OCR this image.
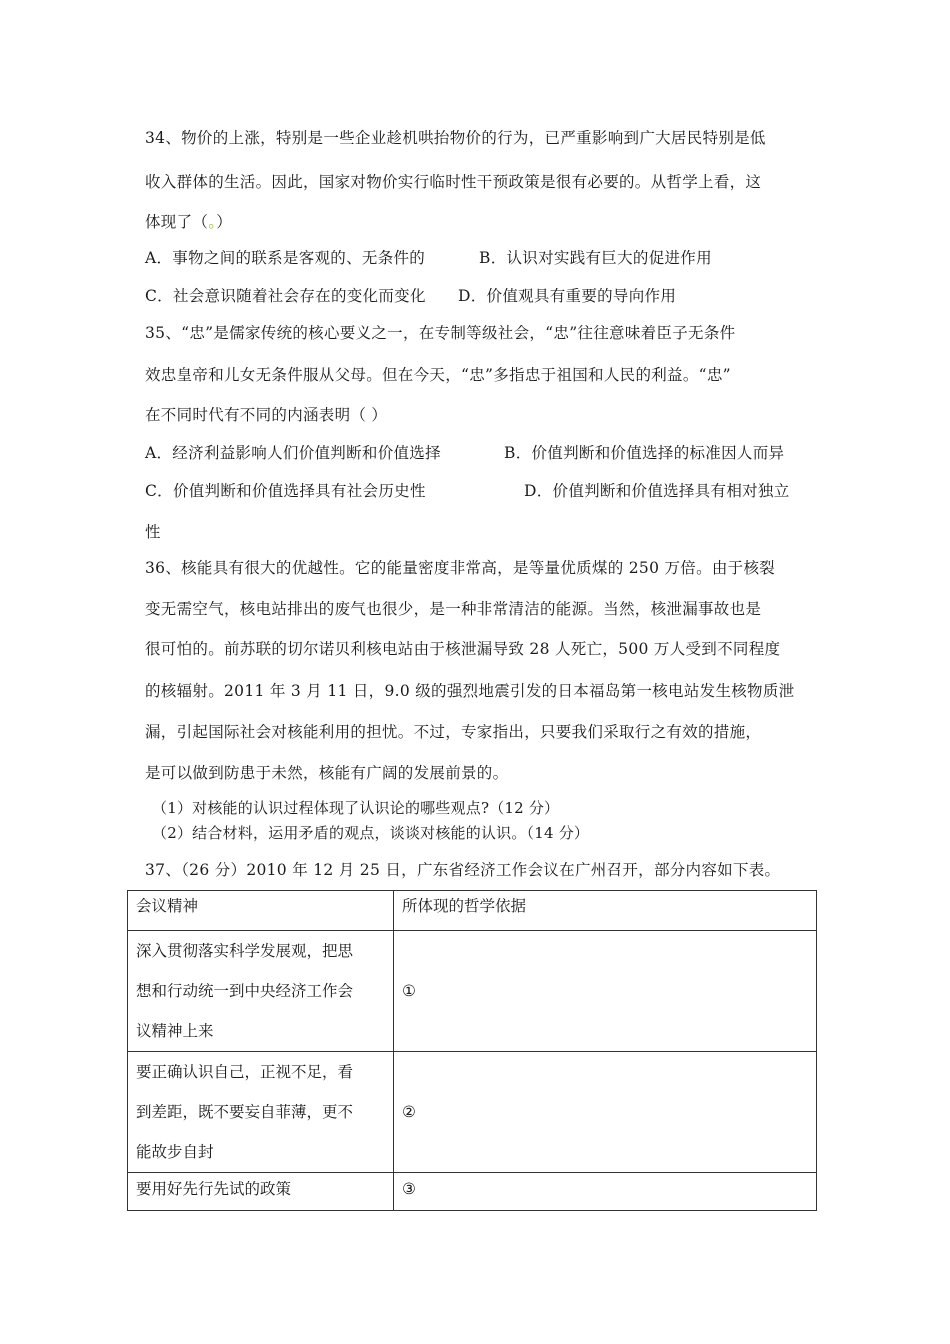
34、物价的上涨，特别是一些企业趁机哄抬物价的行为，已严重影响到广大居民特别是低
收入群体的生活。因此，国家对物价实行临时性干预政策是很有必要的。从哲学上看，这
体现了（。）
A．事物之间的联系是客观的、无条件的	B．认识对实践有巨大的促进作用
C．社会意识随着社会存在的变化而变化 D．价值观具有重要的导向作用
35、“忠”是儒家传统的核心要义之一，在专制等级社会，“忠”往往意味着臣子无条件
效忠皇帝和儿女无条件服从父母。但在今天，“忠”多指忠于祖国和人民的利益。“忠”
在不同时代有不同的内涵表明（ ）
A．经济利益影响人们价值判断和价值选择	B．价值判断和价值选择的标准因人而异
C．价值判断和价值选择具有社会历史性	D．价值判断和价值选择具有相对独立
性
36、核能具有很大的优越性。它的能量密度非常高，是等量优质煤的 250 万倍。由于核裂
变无需空气，核电站排出的废气也很少，是一种非常清洁的能源。当然，核泄漏事故也是
很可怕的。前苏联的切尔诺贝利核电站由于核泄漏导致 28 人死亡，500 万人受到不同程度
的核辐射。2011 年 3 月 11 日，9.0 级的强烈地震引发的日本福岛第一核电站发生核物质泄
漏，引起国际社会对核能利用的担忧。不过，专家指出，只要我们采取行之有效的措施，
是可以做到防患于未然，核能有广阔的发展前景的。
（1）对核能的认识过程体现了认识论的哪些观点?（12 分）
（2）结合材料，运用矛盾的观点，谈谈对核能的认识。（14 分）
37、（26 分）2010 年 12 月 25 日，广东省经济工作会议在广州召开，部分内容如下表。
会议精神	所体现的哲学依据

深入贯彻落实科学发展观，把思
想和行动统一到中央经济工作会
议精神上来	①

要正确认识自己，正视不足，看
到差距，既不要妄自菲薄，更不
能故步自封	②
要用好先行先试的政策	③
